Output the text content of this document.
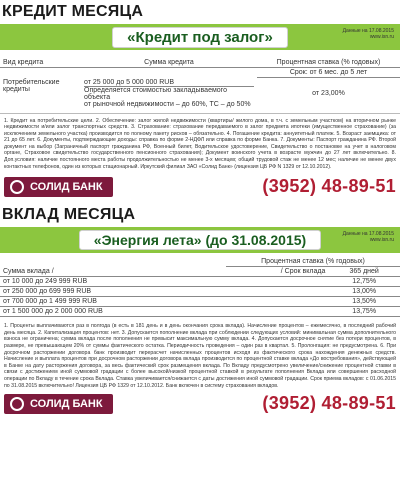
КРЕДИТ МЕСЯЦА
«Кредит под залог»	Данные на 17.08.2015
www.isn.ru
Вид кредита	Сумма кредита	Процентная ставка (% годовых)
		Срок: от 6 мес. до 5 лет
Потребительские кредиты	от 25 000 до 5 000 000 RUB
Определяется стоимостью закладываемого объекта
от рыночной недвижимости – до 60%, ТС – до 50%	от 23,00%
1. Кредит на потребительские цели. 2. Обеспечение: залог жилой недвижимости (квартиры/ жилого дома, в т.ч. с земельным участком) на вторичном рынке недвижимости и/или залог транспортных средств. 3. Страхование: страхование передаваемого в залог предмета ипотеки (имущественное страхование) (за исключением земельного участка) производится по полному пакету рисков – обязательно. 4. Погашение кредита: аннуитетный платеж. 5. Возраст заемщика: от 21 до 65 лет. 6. Документы, подтверждающие доходы: справка по форме 2-НДФЛ или справка по форме Банка. 7. Документы: Паспорт гражданина РФ. Второй документ на выбор (Заграничный паспорт гражданина РФ, Военный билет, Водительское удостоверение, Свидетельство о постановке на учет в налоговом органе, Страховое свидетельство государственного пенсионного страхования); Документ воинского учета в возрасте мужчин до 27 лет включительно. 8. Доп.условия: наличие постоянного места работы продолжительностью не менее 3-х месяцев; общий трудовой стаж не менее 12 мес; наличие не менее двух контактных телефонов, один из которых стационарный. Иркутский филиал ЗАО «Солид Банк» (лицензия ЦБ РФ N 1329 от 12.10.2012).
СОЛИД БАНК	(3952) 48-89-51
ВКЛАД МЕСЯЦА
«Энергия лета» (до 31.08.2015)	Данные на 17.08.2015
www.isn.ru
	Процентная ставка (% годовых)	

Сумма вклада /	/ Срок вклада	365 дней
от 10 000 до 249 999 RUB		12,75%
от 250 000 до 699 999 RUB		13,00%
от 700 000 до 1 499 999 RUB		13,50%
от 1 500 000 до 2 000 000 RUB		13,75%
1. Проценты выплачиваются раз в полгода (в есть в 181 день и в день окончания срока вклада). Начисление процентов – ежемесячно, в последний рабочий день месяца. 2. Капитализация процентов: нет. 3. Допускается пополнение вклада при соблюдении следующих условий: минимальная сумма дополнительного взноса не ограничена; сумма вклада после пополнения не превысит максимальную сумму вклада. 4. Допускается досрочное снятие без потери процентов, в размере, не превышающем 20% от суммы фактического остатка. Периодичность проведения – один раз в квартал. 5. Пролонгация: не предусмотрена. 6. При досрочном расторжении договора банк производит перерасчет начисленных процентов исходя из фактического срока нахождения денежных средств. Начисление и выплата процентов при досрочном расторжении договора вклада производится по процентной ставке вклада «До востребования», действующей в Банке на дату расторжения договора, за весь фактический срок размещения вклада. По Вкладу предусмотрено увеличение/снижение процентной ставки в связи с достижением иной суммовой градации с более высокой/низкой процентной ставкой в результате пополнения Вклада или совершения расходной операции по Вкладу в течение срока Вклада. Ставка увеличивается/снижается с даты достижения иной суммовой градации. Срок приема вкладов: с 01.06.2015 по 31.08.2015 включительно! Лицензия ЦБ РФ 1329 от 12.10.2012. Банк включен в систему страхования вкладов.
СОЛИД БАНК	(3952) 48-89-51
